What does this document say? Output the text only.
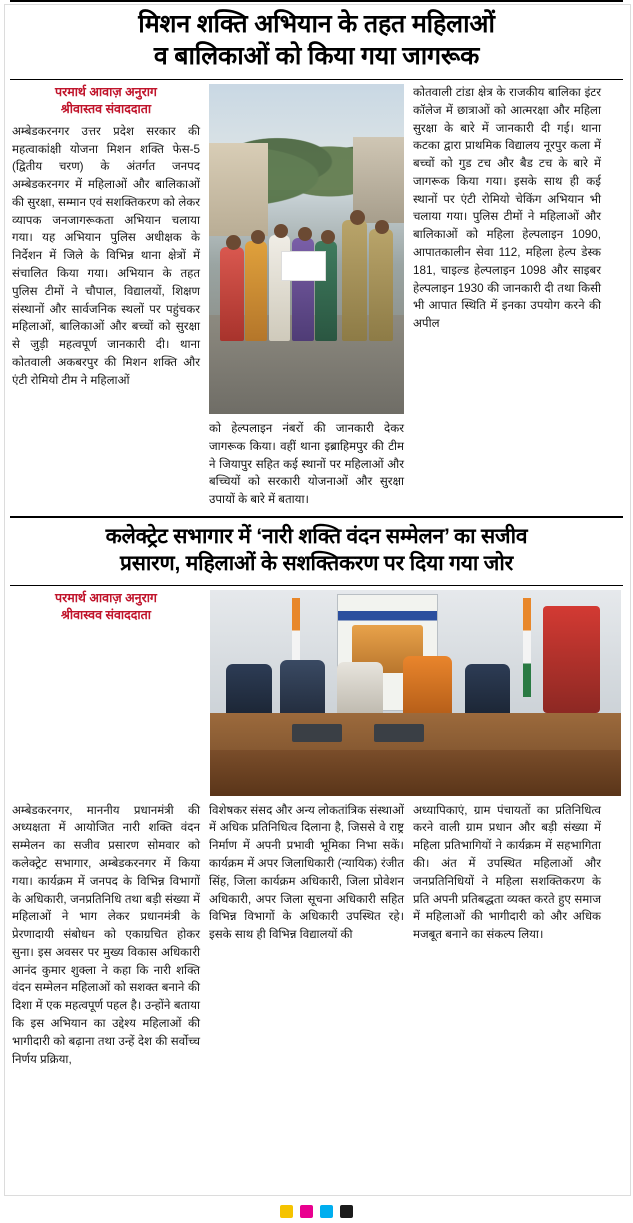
मिशन शक्ति अभियान के तहत महिलाओं
व बालिकाओं को किया गया जागरूक
परमार्थ आवाज़ अनुराग
श्रीवास्तव संवाददाता
अम्बेडकरनगर उत्तर प्रदेश सरकार की महत्वाकांक्षी योजना मिशन शक्ति फेस-5 (द्वितीय चरण) के अंतर्गत जनपद अम्बेडकरनगर में महिलाओं और बालिकाओं की सुरक्षा, सम्मान एवं सशक्तिकरण को लेकर व्यापक जनजागरूकता अभियान चलाया गया। यह अभियान पुलिस अधीक्षक के निर्देशन में जिले के विभिन्न थाना क्षेत्रों में संचालित किया गया। अभियान के तहत पुलिस टीमों ने चौपाल, विद्यालयों, शिक्षण संस्थानों और सार्वजनिक स्थलों पर पहुंचकर महिलाओं, बालिकाओं और बच्चों को सुरक्षा से जुड़ी महत्वपूर्ण जानकारी दी। थाना कोतवाली अकबरपुर की मिशन शक्ति और एंटी रोमियो टीम ने महिलाओं
को हेल्पलाइन नंबरों की जानकारी देकर जागरूक किया। वहीं थाना इब्राहिमपुर की टीम ने जियापुर सहित कई स्थानों पर महिलाओं और बच्चियों को सरकारी योजनाओं और सुरक्षा उपायों के बारे में बताया।
कोतवाली टांडा क्षेत्र के राजकीय बालिका इंटर कॉलेज में छात्राओं को आत्मरक्षा और महिला सुरक्षा के बारे में जानकारी दी गई। थाना कटका द्वारा प्राथमिक विद्यालय नूरपुर कला में बच्चों को गुड टच और बैड टच के बारे में जागरूक किया गया। इसके साथ ही कई स्थानों पर एंटी रोमियो चेकिंग अभियान भी चलाया गया। पुलिस टीमों ने महिलाओं और बालिकाओं को महिला हेल्पलाइन 1090, आपातकालीन सेवा 112, महिला हेल्प डेस्क 181, चाइल्ड हेल्पलाइन 1098 और साइबर हेल्पलाइन 1930 की जानकारी दी तथा किसी भी आपात स्थिति में इनका उपयोग करने की अपील
कलेक्ट्रेट सभागार में ‘नारी शक्ति वंदन सम्मेलन’ का सजीव
प्रसारण, महिलाओं के सशक्तिकरण पर दिया गया जोर
परमार्थ आवाज़ अनुराग
श्रीवास्वव संवाददाता
अम्बेडकरनगर, माननीय प्रधानमंत्री की अध्यक्षता में आयोजित नारी शक्ति वंदन सम्मेलन का सजीव प्रसारण सोमवार को कलेक्ट्रेट सभागार, अम्बेडकरनगर में किया गया। कार्यक्रम में जनपद के विभिन्न विभागों के अधिकारी, जनप्रतिनिधि तथा बड़ी संख्या में महिलाओं ने भाग लेकर प्रधानमंत्री के प्रेरणादायी संबोधन को एकाग्रचित होकर सुना। इस अवसर पर मुख्य विकास अधिकारी आनंद कुमार शुक्ला ने कहा कि नारी शक्ति वंदन सम्मेलन महिलाओं को सशक्त बनाने की दिशा में एक महत्वपूर्ण पहल है। उन्होंने बताया कि इस अभियान का उद्देश्य महिलाओं की भागीदारी को बढ़ाना तथा उन्हें देश की सर्वोच्च निर्णय प्रक्रिया,
विशेषकर संसद और अन्य लोकतांत्रिक संस्थाओं में अधिक प्रतिनिधित्व दिलाना है, जिससे वे राष्ट्र निर्माण में अपनी प्रभावी भूमिका निभा सकें। कार्यक्रम में अपर जिलाधिकारी (न्यायिक) रंजीत सिंह, जिला कार्यक्रम अधिकारी, जिला प्रोवेशन अधिकारी, अपर जिला सूचना अधिकारी सहित विभिन्न विभागों के अधिकारी उपस्थित रहे। इसके साथ ही विभिन्न विद्यालयों की
अध्यापिकाएं, ग्राम पंचायतों का प्रतिनिधित्व करने वाली ग्राम प्रधान और बड़ी संख्या में महिला प्रतिभागियों ने कार्यक्रम में सहभागिता की। अंत में उपस्थित महिलाओं और जनप्रतिनिधियों ने महिला सशक्तिकरण के प्रति अपनी प्रतिबद्धता व्यक्त करते हुए समाज में महिलाओं की भागीदारी को और अधिक मजबूत बनाने का संकल्प लिया।
